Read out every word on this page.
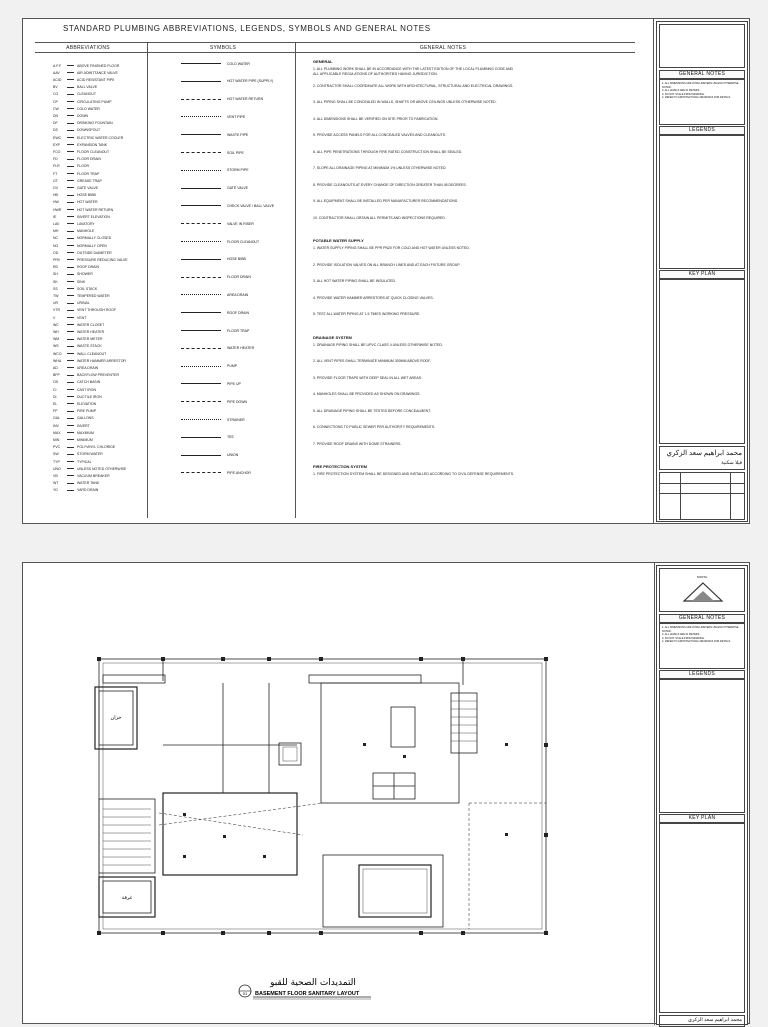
STANDARD PLUMBING ABBREVIATIONS, LEGENDS, SYMBOLS AND GENERAL NOTES
ABBREVIATIONS	SYMBOLS	GENERAL NOTES
A.F.F	ABOVE FINISHED FLOOR
AAV	AIR ADMITTANCE VALVE
ACID	ACID RESISTANT PIPE
BV	BALL VALVE
CO	CLEANOUT
CP	CIRCULATING PUMP
CW	COLD WATER
DN	DOWN
DF	DRINKING FOUNTAIN
DS	DOWNSPOUT
EWC	ELECTRIC WATER COOLER
EXP	EXPANSION TANK
FCO	FLOOR CLEANOUT
FD	FLOOR DRAIN
FLR	FLOOR
FT	FLOOR TRAP
GT	GREASE TRAP
GV	GATE VALVE
HB	HOSE BIBB
HW	HOT WATER
HWR	HOT WATER RETURN
IE	INVERT ELEVATION
LAV	LAVATORY
MH	MANHOLE
NC	NORMALLY CLOSED
NO	NORMALLY OPEN
OD	OUTSIDE DIAMETER
PRV	PRESSURE REDUCING VALVE
RD	ROOF DRAIN
SH	SHOWER
SK	SINK
SS	SOIL STACK
TW	TEMPERED WATER
UR	URINAL
VTR	VENT THROUGH ROOF
V	VENT
WC	WATER CLOSET
WH	WATER HEATER
WM	WATER METER
WS	WASTE STACK
WCO	WALL CLEANOUT
WHA	WATER HAMMER ARRESTOR
AD	AREA DRAIN
BFP	BACKFLOW PREVENTER
CB	CATCH BASIN
CI	CAST IRON
DI	DUCTILE IRON
EL	ELEVATION
FP	FIRE PUMP
GAL	GALLONS
INV	INVERT
MAX	MAXIMUM
MIN	MINIMUM
PVC	POLYVINYL CHLORIDE
SW	STORM WATER
TYP	TYPICAL
UNO	UNLESS NOTED OTHERWISE
VB	VACUUM BREAKER
WT	WATER TANK
YD	YARD DRAIN
COLD WATER
HOT WATER PIPE (SUPPLY)
HOT WATER RETURN
VENT PIPE
WASTE PIPE
SOIL PIPE
STORM PIPE
GATE VALVE
CHECK VALVE / BALL VALVE
VALVE IN RISER
FLOOR CLEANOUT
HOSE BIBB
FLOOR DRAIN
AREA DRAIN
ROOF DRAIN
FLOOR TRAP
WATER HEATER
PUMP
PIPE UP
PIPE DOWN
STRAINER
TEE
UNION
PIPE ANCHOR
GENERAL
1. ALL PLUMBING WORK SHALL BE IN ACCORDANCE WITH THE LATEST EDITION OF THE LOCAL PLUMBING CODE AND ALL APPLICABLE REGULATIONS OF AUTHORITIES HAVING JURISDICTION.
2. CONTRACTOR SHALL COORDINATE ALL WORK WITH ARCHITECTURAL, STRUCTURAL AND ELECTRICAL DRAWINGS.
3. ALL PIPING SHALL BE CONCEALED IN WALLS, SHAFTS OR ABOVE CEILINGS UNLESS OTHERWISE NOTED.
4. ALL DIMENSIONS SHALL BE VERIFIED ON SITE PRIOR TO FABRICATION.
5. PROVIDE ACCESS PANELS FOR ALL CONCEALED VALVES AND CLEANOUTS.
6. ALL PIPE PENETRATIONS THROUGH FIRE RATED CONSTRUCTION SHALL BE SEALED.
7. SLOPE ALL DRAINAGE PIPING AT MINIMUM 1% UNLESS OTHERWISE NOTED.
8. PROVIDE CLEANOUTS AT EVERY CHANGE OF DIRECTION GREATER THAN 45 DEGREES.
9. ALL EQUIPMENT SHALL BE INSTALLED PER MANUFACTURER RECOMMENDATIONS.
10. CONTRACTOR SHALL OBTAIN ALL PERMITS AND INSPECTIONS REQUIRED.
POTABLE WATER SUPPLY
1. WATER SUPPLY PIPING SHALL BE PPR PN20 FOR COLD AND HOT WATER UNLESS NOTED.
2. PROVIDE ISOLATION VALVES ON ALL BRANCH LINES AND AT EACH FIXTURE GROUP.
3. ALL HOT WATER PIPING SHALL BE INSULATED.
4. PROVIDE WATER HAMMER ARRESTORS AT QUICK CLOSING VALVES.
5. TEST ALL WATER PIPING AT 1.5 TIMES WORKING PRESSURE.
DRAINAGE SYSTEM
1. DRAINAGE PIPING SHALL BE UPVC CLASS 4 UNLESS OTHERWISE NOTED.
2. ALL VENT PIPES SHALL TERMINATE MINIMUM 300MM ABOVE ROOF.
3. PROVIDE FLOOR TRAPS WITH DEEP SEAL IN ALL WET AREAS.
4. MANHOLES SHALL BE PROVIDED AS SHOWN ON DRAWINGS.
5. ALL DRAINAGE PIPING SHALL BE TESTED BEFORE CONCEALMENT.
6. CONNECTIONS TO PUBLIC SEWER PER AUTHORITY REQUIREMENTS.
7. PROVIDE ROOF DRAINS WITH DOME STRAINERS.
FIRE PROTECTION SYSTEM
1. FIRE PROTECTION SYSTEM SHALL BE DESIGNED AND INSTALLED ACCORDING TO CIVIL DEFENSE REQUIREMENTS.
GENERAL NOTES
1- ALL DIMENSIONS ARE IN MILLIMETERS UNLESS OTHERWISE NOTED.
2- ALL LEVELS ARE IN METERS.
3- DO NOT SCALE FROM DRAWING.
4- REFER TO ARCHITECTURAL DRAWINGS FOR DETAILS.
LEGENDS
KEY PLAN
محمد ابراهيم سعد الزكري
فيلا سكنية
01
التمديدات الصحية للقبو
BASEMENT FLOOR SANITARY LAYOUT
خزان
غرفة
NORTH
GENERAL NOTES
1- ALL DIMENSIONS ARE IN MILLIMETERS UNLESS OTHERWISE NOTED.
2- ALL LEVELS ARE IN METERS.
3- DO NOT SCALE FROM DRAWING.
4- REFER TO ARCHITECTURAL DRAWINGS FOR DETAILS.
LEGENDS
KEY PLAN
محمد ابراهيم سعد الزكري
